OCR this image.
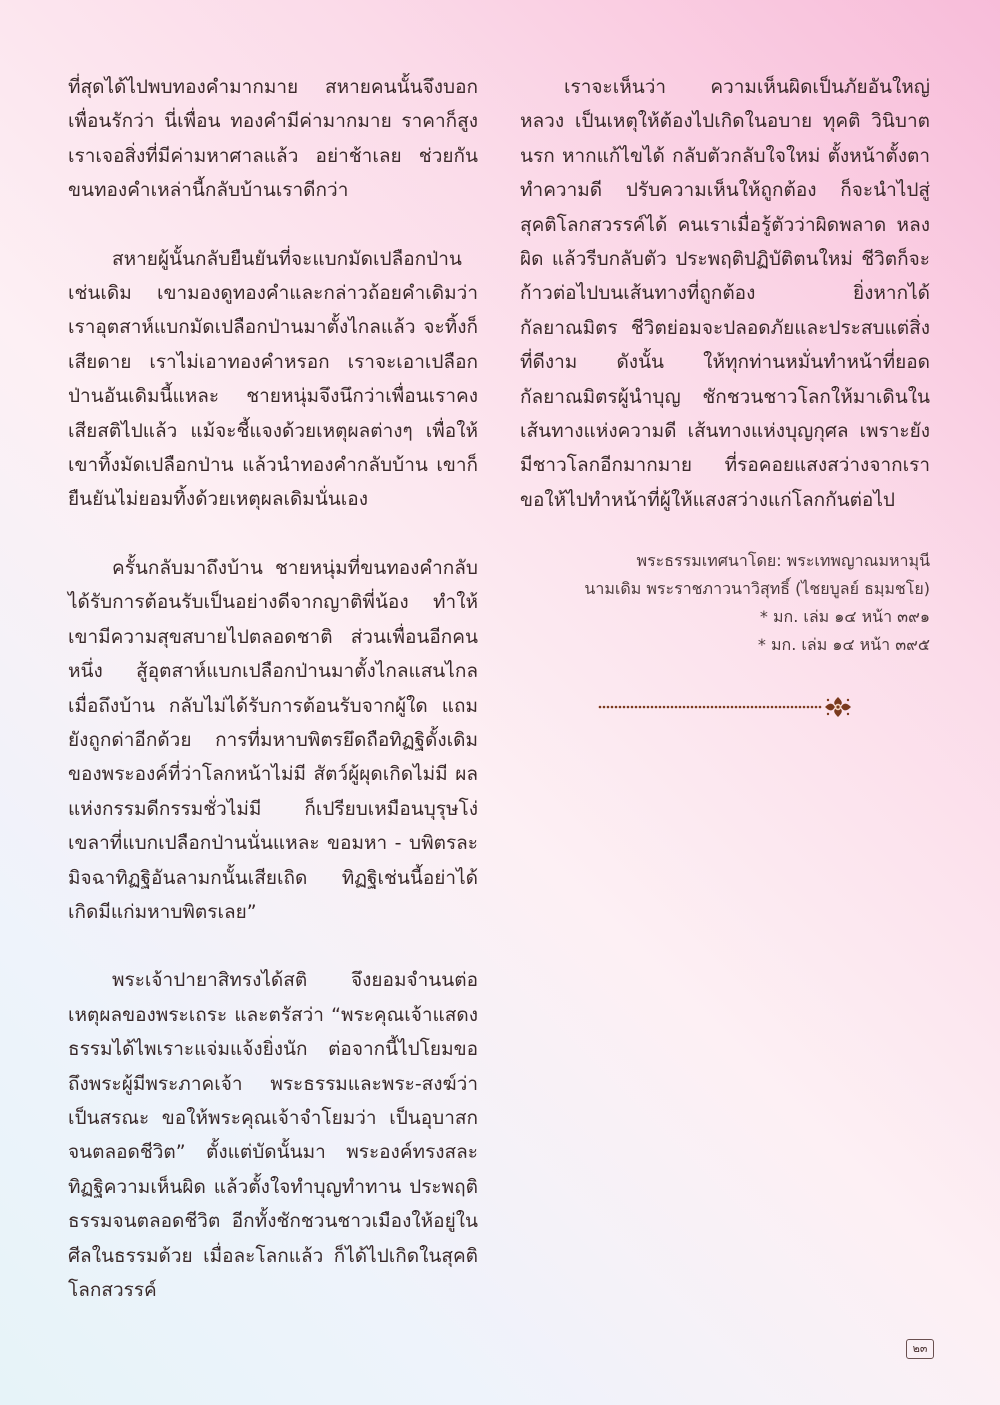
ที่สุดได้ไปพบทองคำมากมาย สหายคนนั้นจึงบอกเพื่อนรักว่า นี่เพื่อน ทองคำมีค่ามากมาย ราคาก็สูง เราเจอสิ่งที่มีค่ามหาศาลแล้ว อย่าช้าเลย ช่วยกันขนทองคำเหล่านี้กลับบ้านเราดีกว่า

สหายผู้นั้นกลับยืนยันที่จะแบกมัดเปลือกป่านเช่นเดิม เขามองดูทองคำและกล่าวถ้อยคำเดิมว่า เราอุตสาห์แบกมัดเปลือกป่านมาตั้งไกลแล้ว จะทิ้งก็เสียดาย เราไม่เอาทองคำหรอก เราจะเอาเปลือกป่านอันเดิมนี้แหละ ชายหนุ่มจึงนึกว่าเพื่อนเราคงเสียสติไปแล้ว แม้จะชี้แจงด้วยเหตุผลต่างๆ เพื่อให้เขาทิ้งมัดเปลือกป่าน แล้วนำทองคำกลับบ้าน เขาก็ยืนยันไม่ยอมทิ้งด้วยเหตุผลเดิมนั่นเอง

ครั้นกลับมาถึงบ้าน ชายหนุ่มที่ขนทองคำกลับ ได้รับการต้อนรับเป็นอย่างดีจากญาติพี่น้อง ทำให้เขามีความสุขสบายไปตลอดชาติ ส่วนเพื่อนอีกคนหนึ่ง สู้อุตสาห์แบกเปลือกป่านมาตั้งไกลแสนไกล เมื่อถึงบ้าน กลับไม่ได้รับการต้อนรับจากผู้ใด แถมยังถูกด่าอีกด้วย การที่มหาบพิตรยึดถือทิฏฐิดั้งเดิมของพระองค์ที่ว่าโลกหน้าไม่มี สัตว์ผู้ผุดเกิดไม่มี ผลแห่งกรรมดีกรรมชั่วไม่มี ก็เปรียบเหมือนบุรุษโง่เขลาที่แบกเปลือกป่านนั่นแหละ ขอมหา - บพิตรละมิจฉาทิฏฐิอันลามกนั้นเสียเถิด ทิฏฐิเช่นนี้อย่าได้เกิดมีแก่มหาบพิตรเลย”

พระเจ้าปายาสิทรงได้สติ จึงยอมจำนนต่อเหตุผลของพระเถระ และตรัสว่า “พระคุณเจ้าแสดงธรรมได้ไพเราะแจ่มแจ้งยิ่งนัก ต่อจากนี้ไปโยมขอถึงพระผู้มีพระภาคเจ้า พระธรรมและพระ-สงฆ์ว่าเป็นสรณะ ขอให้พระคุณเจ้าจำโยมว่า เป็นอุบาสกจนตลอดชีวิต” ตั้งแต่บัดนั้นมา พระองค์ทรงสละทิฏฐิความเห็นผิด แล้วตั้งใจทำบุญทำทาน ประพฤติธรรมจนตลอดชีวิต อีกทั้งชักชวนชาวเมืองให้อยู่ในศีลในธรรมด้วย เมื่อละโลกแล้ว ก็ได้ไปเกิดในสุคติโลกสวรรค์

เราจะเห็นว่า ความเห็นผิดเป็นภัยอันใหญ่หลวง เป็นเหตุให้ต้องไปเกิดในอบาย ทุคติ วินิบาต นรก หากแก้ไขได้ กลับตัวกลับใจใหม่ ตั้งหน้าตั้งตาทำความดี ปรับความเห็นให้ถูกต้อง ก็จะนำไปสู่สุคติโลกสวรรค์ได้ คนเราเมื่อรู้ตัวว่าผิดพลาด หลงผิด แล้วรีบกลับตัว ประพฤติปฏิบัติตนใหม่ ชีวิตก็จะก้าวต่อไปบนเส้นทางที่ถูกต้อง ยิ่งหากได้กัลยาณมิตร ชีวิตย่อมจะปลอดภัยและประสบแต่สิ่งที่ดีงาม ดังนั้น ให้ทุกท่านหมั่นทำหน้าที่ยอดกัลยาณมิตรผู้นำบุญ ชักชวนชาวโลกให้มาเดินในเส้นทางแห่งความดี เส้นทางแห่งบุญกุศล เพราะยังมีชาวโลกอีกมากมาย ที่รอคอยแสงสว่างจากเรา ขอให้ไปทำหน้าที่ผู้ให้แสงสว่างแก่โลกกันต่อไป

พระธรรมเทศนาโดย: พระเทพญาณมหามุนี
นามเดิม พระราชภาวนาวิสุทธิ์ (ไชยบูลย์ ธมฺมชโย)
* มก. เล่ม ๑๔ หน้า ๓๙๑
* มก. เล่ม ๑๔ หน้า ๓๙๕
๒๓
